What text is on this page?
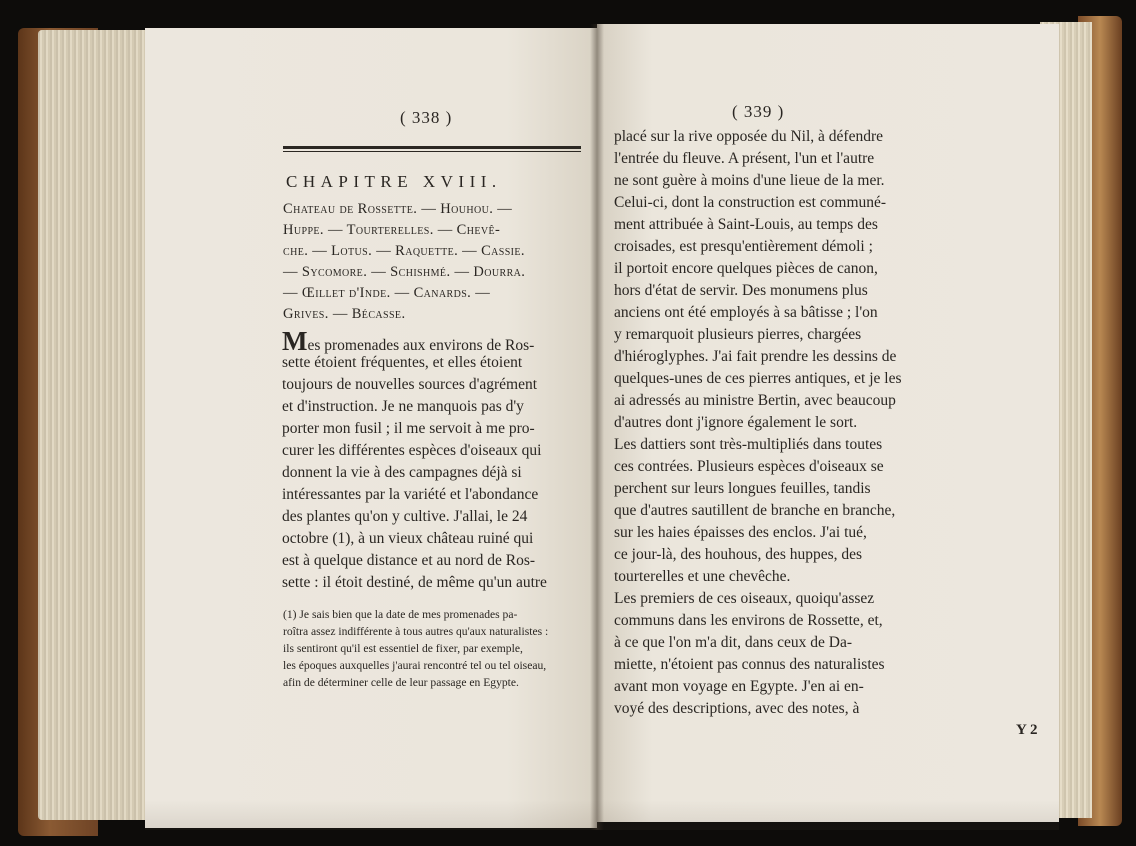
( 338 )
CHAPITRE XVIII.
Chateau de Rossette. — Houhou. —
Huppe. — Tourterelles. — Chevê-
che. — Lotus. — Raquette. — Cassie.
— Sycomore. — Schishmé. — Dourra.
— Œillet d'Inde. — Canards. —
Grives. — Bécasse.
Mes promenades aux environs de Ros-
sette étoient fréquentes, et elles étoient
toujours de nouvelles sources d'agrément
et d'instruction. Je ne manquois pas d'y
porter mon fusil ; il me servoit à me pro-
curer les différentes espèces d'oiseaux qui
donnent la vie à des campagnes déjà si
intéressantes par la variété et l'abondance
des plantes qu'on y cultive. J'allai, le 24
octobre (1), à un vieux château ruiné qui
est à quelque distance et au nord de Ros-
sette : il étoit destiné, de même qu'un autre
(1) Je sais bien que la date de mes promenades pa-
roîtra assez indifférente à tous autres qu'aux naturalistes :
ils sentiront qu'il est essentiel de fixer, par exemple,
les époques auxquelles j'aurai rencontré tel ou tel oiseau,
afin de déterminer celle de leur passage en Egypte.
( 339 )
placé sur la rive opposée du Nil, à défendre
l'entrée du fleuve. A présent, l'un et l'autre
ne sont guère à moins d'une lieue de la mer.
Celui-ci, dont la construction est communé-
ment attribuée à Saint-Louis, au temps des
croisades, est presqu'entièrement démoli ;
il portoit encore quelques pièces de canon,
hors d'état de servir. Des monumens plus
anciens ont été employés à sa bâtisse ; l'on
y remarquoit plusieurs pierres, chargées
d'hiéroglyphes. J'ai fait prendre les dessins de
quelques-unes de ces pierres antiques, et je les
ai adressés au ministre Bertin, avec beaucoup
d'autres dont j'ignore également le sort.
Les dattiers sont très-multipliés dans toutes
ces contrées. Plusieurs espèces d'oiseaux se
perchent sur leurs longues feuilles, tandis
que d'autres sautillent de branche en branche,
sur les haies épaisses des enclos. J'ai tué,
ce jour-là, des houhous, des huppes, des
tourterelles et une chevêche.
Les premiers de ces oiseaux, quoiqu'assez
communs dans les environs de Rossette, et,
à ce que l'on m'a dit, dans ceux de Da-
miette, n'étoient pas connus des naturalistes
avant mon voyage en Egypte. J'en ai en-
voyé des descriptions, avec des notes, à
Y 2
